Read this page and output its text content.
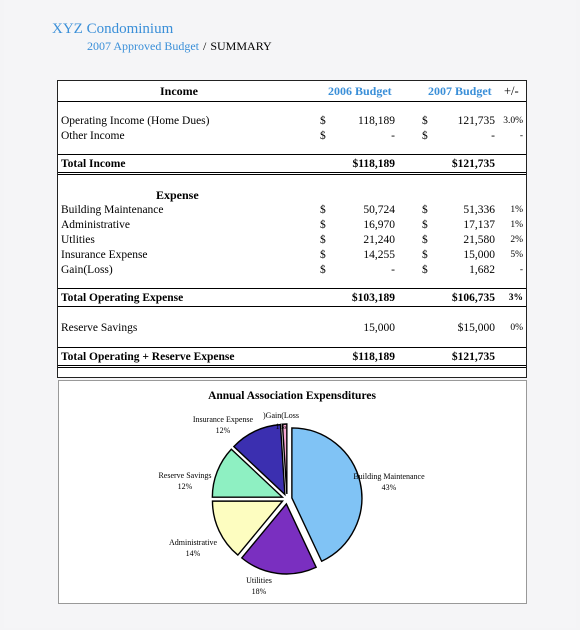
XYZ Condominium
2007 Approved Budget / SUMMARY
Income	2006 Budget	2007 Budget +/-
Operating Income (Home Dues)	$	118,189 $	121,735 3.0%
Other Income	$	- $	-	-
Total Income	$118,189	$121,735
Expense
Building Maintenance	$	50,724 $	51,336 1%
Administrative	$	16,970 $	17,137 1%
Utlities	$	21,240 $	21,580 2%
Insurance Expense	$	14,255 $	15,000 5%
Gain(Loss)	$	- $	1,682	-
Total Operating Expense	$103,189	$106,735 3%
Reserve Savings	15,000	$15,000 0%
Total Operating + Reserve Expense	$118,189	$121,735
Annual Association Expensditures
Building Maintenance
43%
Utilities
18%
Administrative
14%
Reserve Savings
12%
Insurance Expense
12%
)Gain(Loss
1%
